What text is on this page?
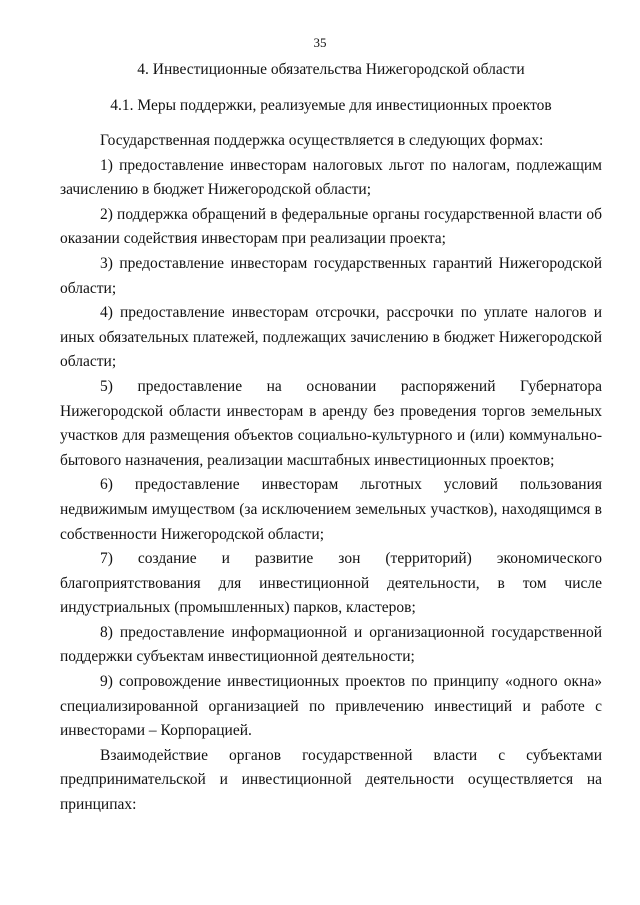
35
4. Инвестиционные обязательства Нижегородской области
4.1. Меры поддержки, реализуемые для инвестиционных проектов

Государственная поддержка осуществляется в следующих формах:

1) предоставление инвесторам налоговых льгот по налогам, подлежащим зачислению в бюджет Нижегородской области;

2) поддержка обращений в федеральные органы государственной власти об оказании содействия инвесторам при реализации проекта;

3) предоставление инвесторам государственных гарантий Нижегородской области;

4) предоставление инвесторам отсрочки, рассрочки по уплате налогов и иных обязательных платежей, подлежащих зачислению в бюджет Нижегородской области;

5) предоставление на основании распоряжений Губернатора Нижегородской области инвесторам в аренду без проведения торгов земельных участков для размещения объектов социально-культурного и (или) коммунально-бытового назначения, реализации масштабных инвестиционных проектов;

6) предоставление инвесторам льготных условий пользования недвижимым имуществом (за исключением земельных участков), находящимся в собственности Нижегородской области;

7) создание и развитие зон (территорий) экономического благоприятствования для инвестиционной деятельности, в том числе индустриальных (промышленных) парков, кластеров;

8) предоставление информационной и организационной государственной поддержки субъектам инвестиционной деятельности;

9) сопровождение инвестиционных проектов по принципу «одного окна» специализированной организацией по привлечению инвестиций и работе с инвесторами – Корпорацией.

Взаимодействие органов государственной власти с субъектами предпринимательской и инвестиционной деятельности осуществляется на принципах:
